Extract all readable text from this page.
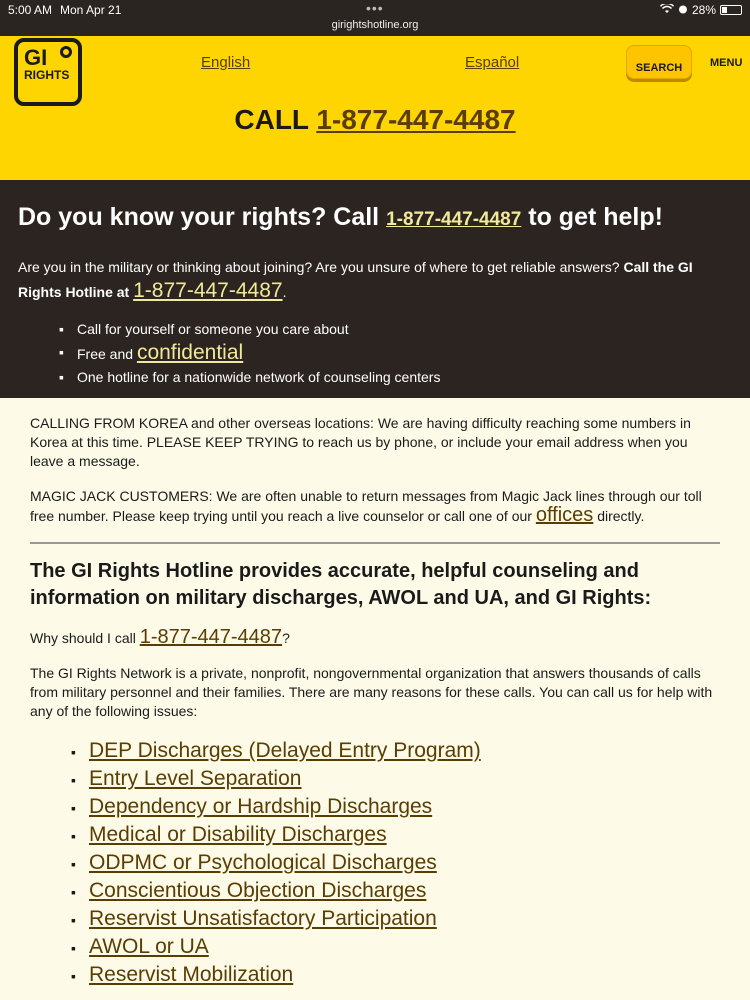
5:00 AM Mon Apr 21	•••
girightshotline.org
28%
GI
RIGHTS
English	Español	SEARCH	MENU
CALL 1-877-447-4487
Do you know your rights? Call 1-877-447-4487 to get help!

Are you in the military or thinking about joining? Are you unsure of where to get reliable answers? Call the GI Rights Hotline at 1-877-447-4487.

▪ Call for yourself or someone you care about
▪ Free and confidential
▪ One hotline for a nationwide network of counseling centers

CALLING FROM KOREA and other overseas locations: We are having difficulty reaching some numbers in Korea at this time. PLEASE KEEP TRYING to reach us by phone, or include your email address when you leave a message.

MAGIC JACK CUSTOMERS: We are often unable to return messages from Magic Jack lines through our toll free number. Please keep trying until you reach a live counselor or call one of our offices directly.

The GI Rights Hotline provides accurate, helpful counseling and information on military discharges, AWOL and UA, and GI Rights:

Why should I call 1-877-447-4487?

The GI Rights Network is a private, nonprofit, nongovernmental organization that answers thousands of calls from military personnel and their families. There are many reasons for these calls. You can call us for help with any of the following issues:

▪ DEP Discharges (Delayed Entry Program)
▪ Entry Level Separation
▪ Dependency or Hardship Discharges
▪ Medical or Disability Discharges
▪ ODPMC or Psychological Discharges
▪ Conscientious Objection Discharges
▪ Reservist Unsatisfactory Participation
▪ AWOL or UA
▪ Reservist Mobilization
